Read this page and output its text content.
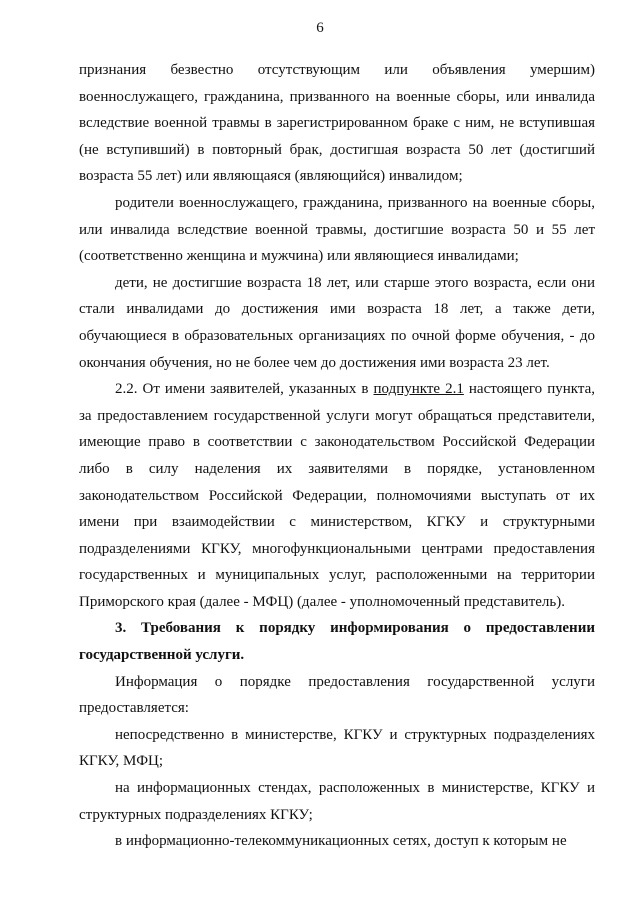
6

признания безвестно отсутствующим или объявления умершим) военнослужащего, гражданина, призванного на военные сборы, или инвалида вследствие военной травмы в зарегистрированном браке с ним, не вступившая (не вступивший) в повторный брак, достигшая возраста 50 лет (достигший возраста 55 лет) или являющаяся (являющийся) инвалидом;

родители военнослужащего, гражданина, призванного на военные сборы, или инвалида вследствие военной травмы, достигшие возраста 50 и 55 лет (соответственно женщина и мужчина) или являющиеся инвалидами;

дети, не достигшие возраста 18 лет, или старше этого возраста, если они стали инвалидами до достижения ими возраста 18 лет, а также дети, обучающиеся в образовательных организациях по очной форме обучения, - до окончания обучения, но не более чем до достижения ими возраста 23 лет.

2.2. От имени заявителей, указанных в подпункте 2.1 настоящего пункта, за предоставлением государственной услуги могут обращаться представители, имеющие право в соответствии с законодательством Российской Федерации либо в силу наделения их заявителями в порядке, установленном законодательством Российской Федерации, полномочиями выступать от их имени при взаимодействии с министерством, КГКУ и структурными подразделениями КГКУ, многофункциональными центрами предоставления государственных и муниципальных услуг, расположенными на территории Приморского края (далее - МФЦ) (далее - уполномоченный представитель).

3. Требования к порядку информирования о предоставлении государственной услуги.

Информация о порядке предоставления государственной услуги предоставляется:

непосредственно в министерстве, КГКУ и структурных подразделениях КГКУ, МФЦ;

на информационных стендах, расположенных в министерстве, КГКУ и структурных подразделениях КГКУ;

в информационно-телекоммуникационных сетях, доступ к которым не
